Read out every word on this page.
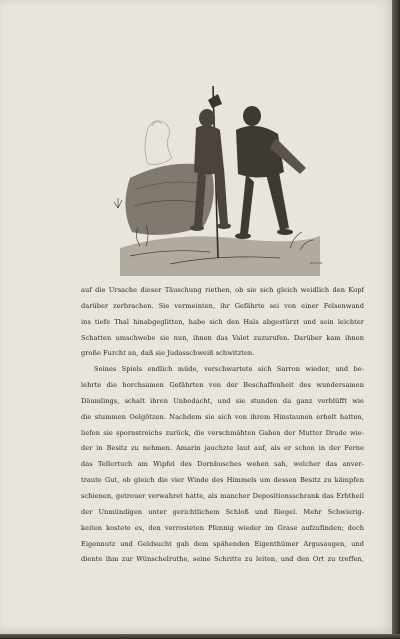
ILLUSTR.
auf die Ursache dieser Täuschung riethen, ob sie sich gleich weidlich den Kopf
darüber zerbrachen. Sie vermeinten, ihr Gefährte sei von einer Felsenwand
ins tiefe Thal hinabgeglitten, habe sich den Hals abgestürzt und sein leichter
Schatten umschwebe sie nun, ihnen das Valet zuzurufen. Darüber kam ihnen
große Furcht an, daß sie Judasschweiß schwitzten.
Seines Spiels endlich müde, verschwartete sich Sarron wieder, und be-
lehrte die horchsamen Gefährten von der Beschaffenheit des wundersamen
Däumlings, schalt ihren Unbedacht, und sie stunden da ganz verblüfft wie
die stummen Oelgötzen. Nachdem sie sich von ihrem Hinstaunen erholt hatten,
liefen sie spornstreichs zurück, die verschmähten Gaben der Mutter Drude wie-
der in Besitz zu nehmen. Amarin jauchzte laut auf, als er schon in der Ferne
das Tellertuch am Wipfel des Dornbusches wehen sah, welcher das anver-
traute Gut, ob gleich die vier Winde des Himmels um dessen Besitz zu kämpfen
schienen, getreuer verwahret hatte, als mancher Depositionsschrank das Erbtheil
der Unmündigen unter gerichtlichem Schloß und Riegel. Mehr Schwierig-
keiten kostete es, den verrosteten Pfennig wieder im Grase aufzufinden; doch
Eigennutz und Geldsucht gab dem spähenden Eigenthümer Argusaugen, und
diente ihm zur Wünschelruthe, seine Schritte zu leiten, und den Ort zu treffen,
